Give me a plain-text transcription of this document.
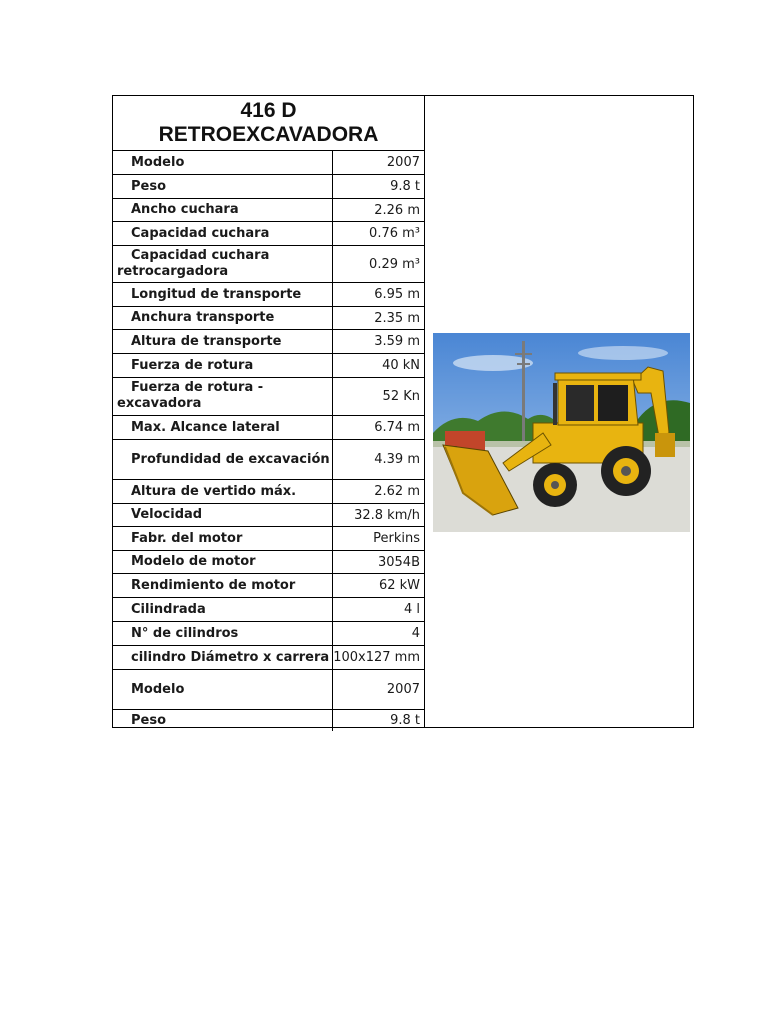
416 D
RETROEXCAVADORA
Modelo	2007
Peso	9.8 t
Ancho cuchara	2.26 m
Capacidad cuchara	0.76 m³
Capacidad cuchara retrocargadora	0.29 m³
Longitud de transporte	6.95 m
Anchura transporte	2.35 m
Altura de transporte	3.59 m
Fuerza de rotura	40 kN
Fuerza de rotura - excavadora	52 Kn
Max. Alcance lateral	6.74 m
Profundidad de excavación	4.39 m
Altura de vertido máx.	2.62 m
Velocidad	32.8 km/h
Fabr. del motor	Perkins
Modelo de motor	3054B
Rendimiento de motor	62 kW
Cilindrada	4 l
N° de cilindros	4
cilindro Diámetro x carrera 100x127 mm
Modelo	2007
Peso	9.8 t
